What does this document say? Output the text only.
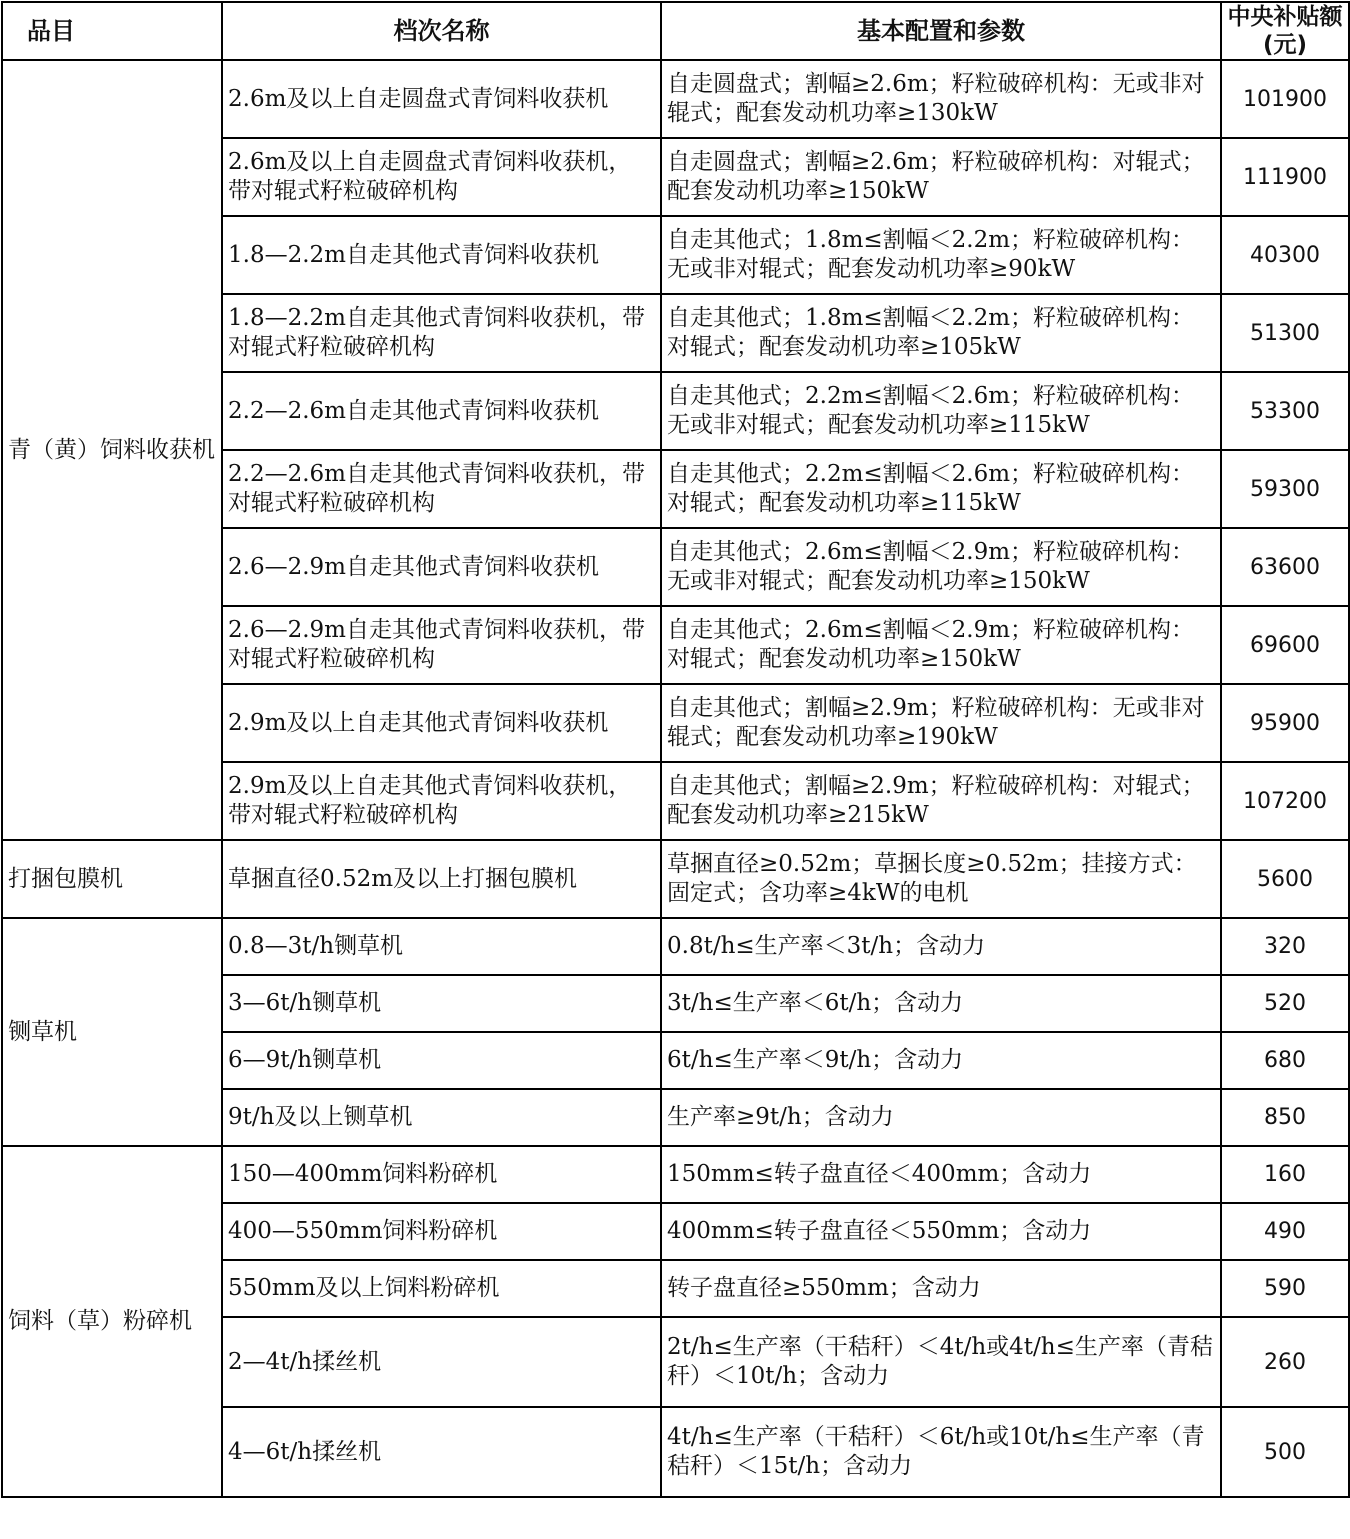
品目	档次名称	基本配置和参数	中央补贴额(元)
青（黄）饲料收获机	2.6m及以上自走圆盘式青饲料收获机	自走圆盘式；割幅≥2.6m；籽粒破碎机构：无或非对辊式；配套发动机功率≥130kW	101900
	2.6m及以上自走圆盘式青饲料收获机，带对辊式籽粒破碎机构	自走圆盘式；割幅≥2.6m；籽粒破碎机构：对辊式；配套发动机功率≥150kW	111900
	1.8—2.2m自走其他式青饲料收获机	自走其他式；1.8m≤割幅＜2.2m；籽粒破碎机构：无或非对辊式；配套发动机功率≥90kW	40300
	1.8—2.2m自走其他式青饲料收获机，带对辊式籽粒破碎机构	自走其他式；1.8m≤割幅＜2.2m；籽粒破碎机构：对辊式；配套发动机功率≥105kW	51300
	2.2—2.6m自走其他式青饲料收获机	自走其他式；2.2m≤割幅＜2.6m；籽粒破碎机构：无或非对辊式；配套发动机功率≥115kW	53300
	2.2—2.6m自走其他式青饲料收获机，带对辊式籽粒破碎机构	自走其他式；2.2m≤割幅＜2.6m；籽粒破碎机构：对辊式；配套发动机功率≥115kW	59300
	2.6—2.9m自走其他式青饲料收获机	自走其他式；2.6m≤割幅＜2.9m；籽粒破碎机构：无或非对辊式；配套发动机功率≥150kW	63600
	2.6—2.9m自走其他式青饲料收获机，带对辊式籽粒破碎机构	自走其他式；2.6m≤割幅＜2.9m；籽粒破碎机构：对辊式；配套发动机功率≥150kW	69600
	2.9m及以上自走其他式青饲料收获机	自走其他式；割幅≥2.9m；籽粒破碎机构：无或非对辊式；配套发动机功率≥190kW	95900
	2.9m及以上自走其他式青饲料收获机，带对辊式籽粒破碎机构	自走其他式；割幅≥2.9m；籽粒破碎机构：对辊式；配套发动机功率≥215kW	107200
打捆包膜机	草捆直径0.52m及以上打捆包膜机	草捆直径≥0.52m；草捆长度≥0.52m；挂接方式：固定式；含功率≥4kW的电机	5600
铡草机	0.8—3t/h铡草机	0.8t/h≤生产率＜3t/h；含动力	320
	3—6t/h铡草机	3t/h≤生产率＜6t/h；含动力	520
	6—9t/h铡草机	6t/h≤生产率＜9t/h；含动力	680
	9t/h及以上铡草机	生产率≥9t/h；含动力	850
饲料（草）粉碎机	150—400mm饲料粉碎机	150mm≤转子盘直径＜400mm；含动力	160
	400—550mm饲料粉碎机	400mm≤转子盘直径＜550mm；含动力	490
	550mm及以上饲料粉碎机	转子盘直径≥550mm；含动力	590
	2—4t/h揉丝机	2t/h≤生产率（干秸秆）＜4t/h或4t/h≤生产率（青秸秆）＜10t/h；含动力	260
	4—6t/h揉丝机	4t/h≤生产率（干秸秆）＜6t/h或10t/h≤生产率（青秸秆）＜15t/h；含动力	500
